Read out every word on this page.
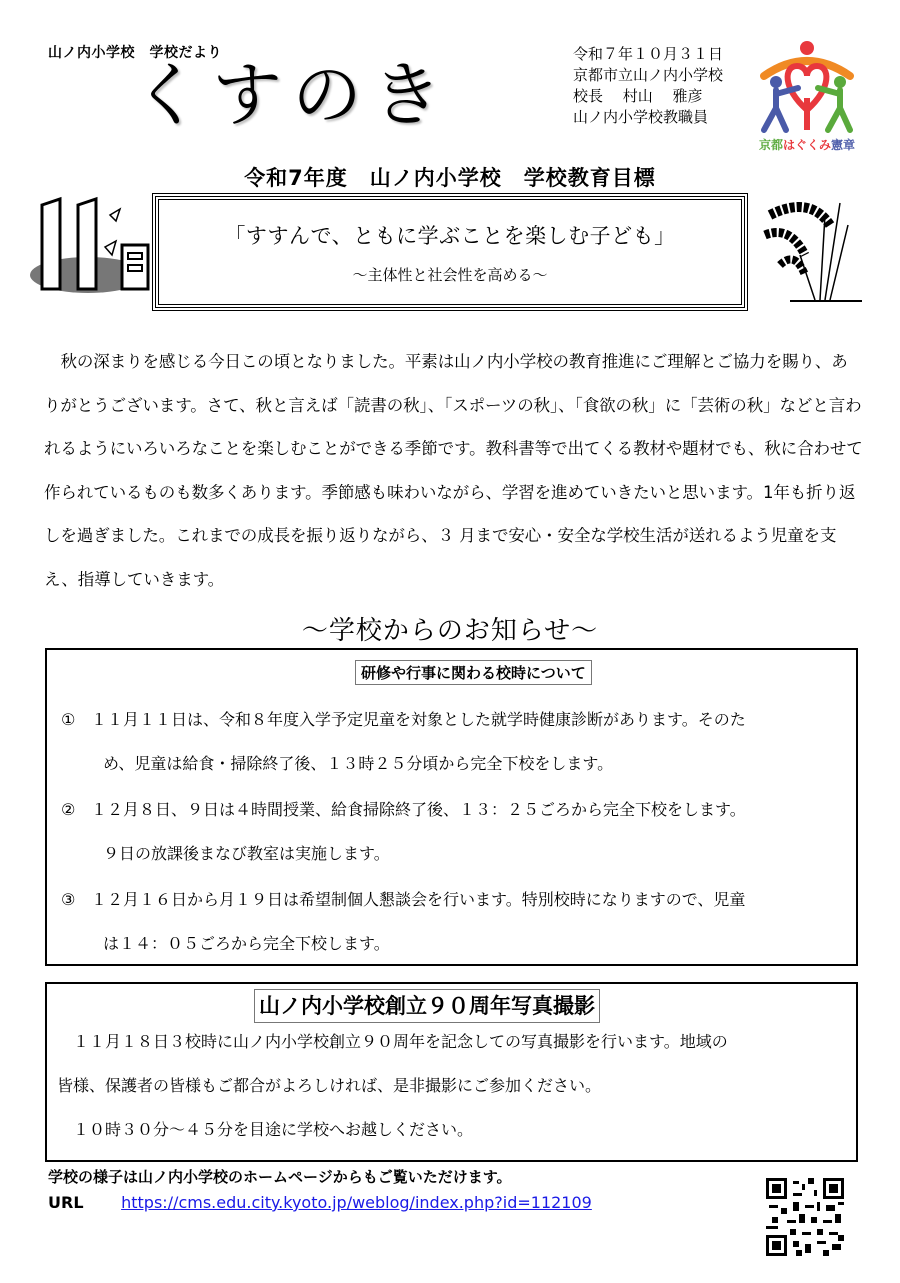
山ノ内小学校　学校だより
くすのき	令和７年１０月３１日
京都市立山ノ内小学校
校長　 村山　 雅彦
山ノ内小学校教職員
京都はぐくみ憲章
令和7年度　山ノ内小学校　学校教育目標
「すすんで、ともに学ぶことを楽しむ子ども」
～主体性と社会性を高める～

秋の深まりを感じる今日この頃となりました。平素は山ノ内小学校の教育推進にご理解とご協力を賜り、ありがとうございます。さて、秋と言えば「読書の秋」、「スポーツの秋」、「食欲の秋」に「芸術の秋」などと言われるようにいろいろなことを楽しむことができる季節です。教科書等で出てくる教材や題材でも、秋に合わせて作られているものも数多くあります。季節感も味わいながら、学習を進めていきたいと思います。1年も折り返しを過ぎました。これまでの成長を振り返りながら、３ 月まで安心・安全な学校生活が送れるよう児童を支え、指導していきます。

～学校からのお知らせ～
研修や行事に関わる校時について
① １１月１１日は、令和８年度入学予定児童を対象とした就学時健康診断があります。そのた
め、児童は給食・掃除終了後、１３時２５分頃から完全下校をします。
② １２月８日、９日は４時間授業、給食掃除終了後、１３：２５ごろから完全下校をします。
９日の放課後まなび教室は実施します。
③ １２月１６日から月１９日は希望制個人懇談会を行います。特別校時になりますので、児童
は１４：０５ごろから完全下校します。
山ノ内小学校創立９０周年写真撮影
　１１月１８日３校時に山ノ内小学校創立９０周年を記念しての写真撮影を行います。地域の
皆様、保護者の皆様もご都合がよろしければ、是非撮影にご参加ください。
　１０時３０分～４５分を目途に学校へお越しください。
学校の様子は山ノ内小学校のホームページからもご覧いただけます。
URL https://cms.edu.city.kyoto.jp/weblog/index.php?id=112109
